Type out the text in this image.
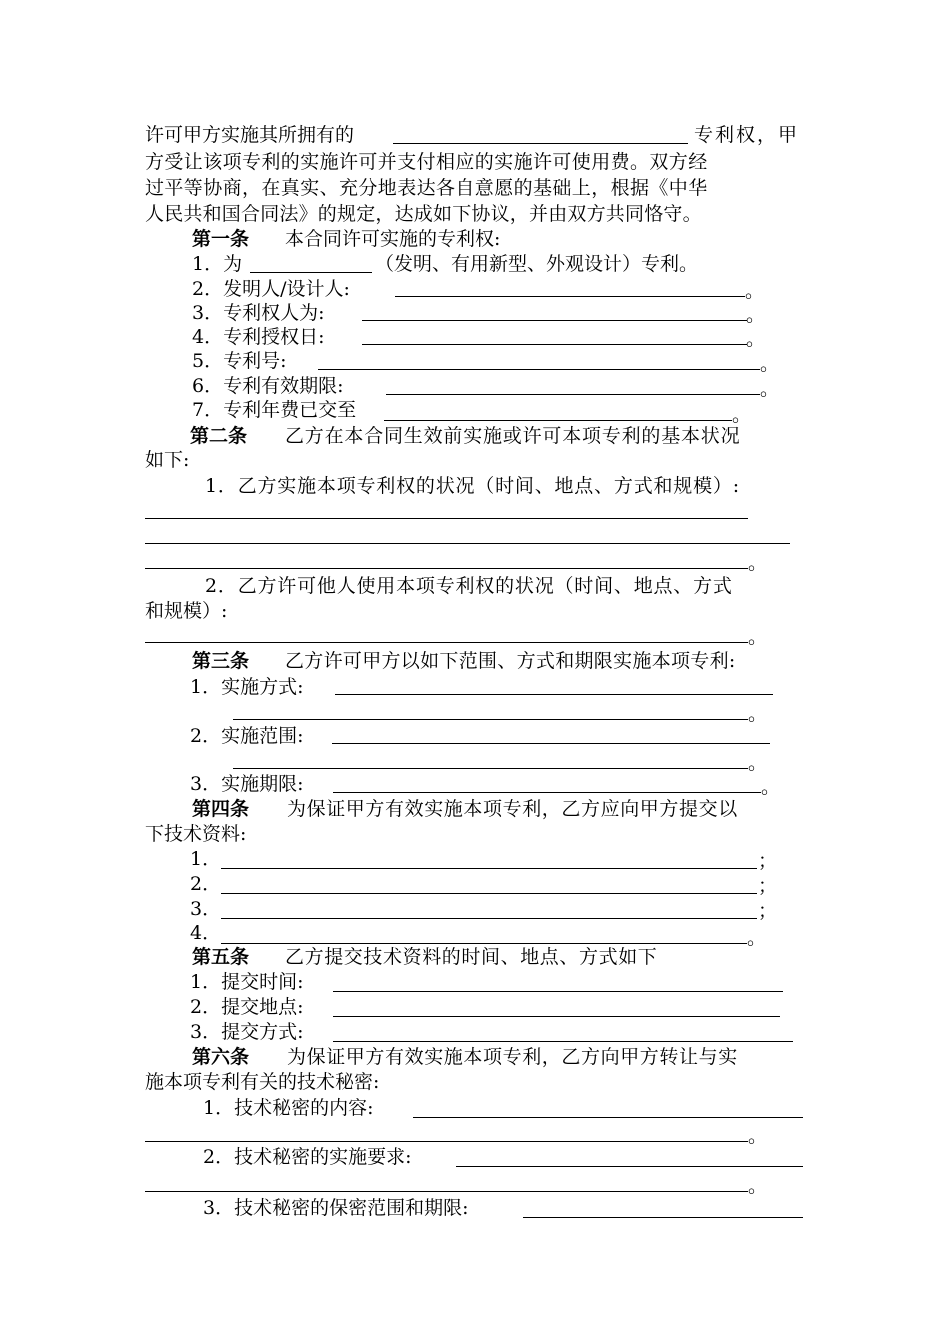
许可甲方实施其所拥有的	专利权，甲
方受让该项专利的实施许可并支付相应的实施许可使用费。双方经
过平等协商，在真实、充分地表达各自意愿的基础上，根据《中华
人民共和国合同法》的规定，达成如下协议，并由双方共同恪守。
第一条 本合同许可实施的专利权:
1．为	（发明、有用新型、外观设计）专利。
2．发明人/设计人:	。
3．专利权人为:	。
4．专利授权日:	。
5．专利号:	。
6．专利有效期限:	。
7．专利年费已交至	。
第二条 乙方在本合同生效前实施或许可本项专利的基本状况
如下:
1．乙方实施本项专利权的状况（时间、地点、方式和规模）:
。
2．乙方许可他人使用本项专利权的状况（时间、地点、方式
和规模）:
。
第三条 乙方许可甲方以如下范围、方式和期限实施本项专利:
1．实施方式:
。
2．实施范围:
。
3．实施期限:	。
第四条 为保证甲方有效实施本项专利，乙方应向甲方提交以
下技术资料:
1．	；
2．	；
3．	；
4．	。
第五条 乙方提交技术资料的时间、地点、方式如下
1．提交时间:
2．提交地点:
3．提交方式:
第六条 为保证甲方有效实施本项专利，乙方向甲方转让与实
施本项专利有关的技术秘密:
1．技术秘密的内容:
。
2．技术秘密的实施要求:
。
3．技术秘密的保密范围和期限:
